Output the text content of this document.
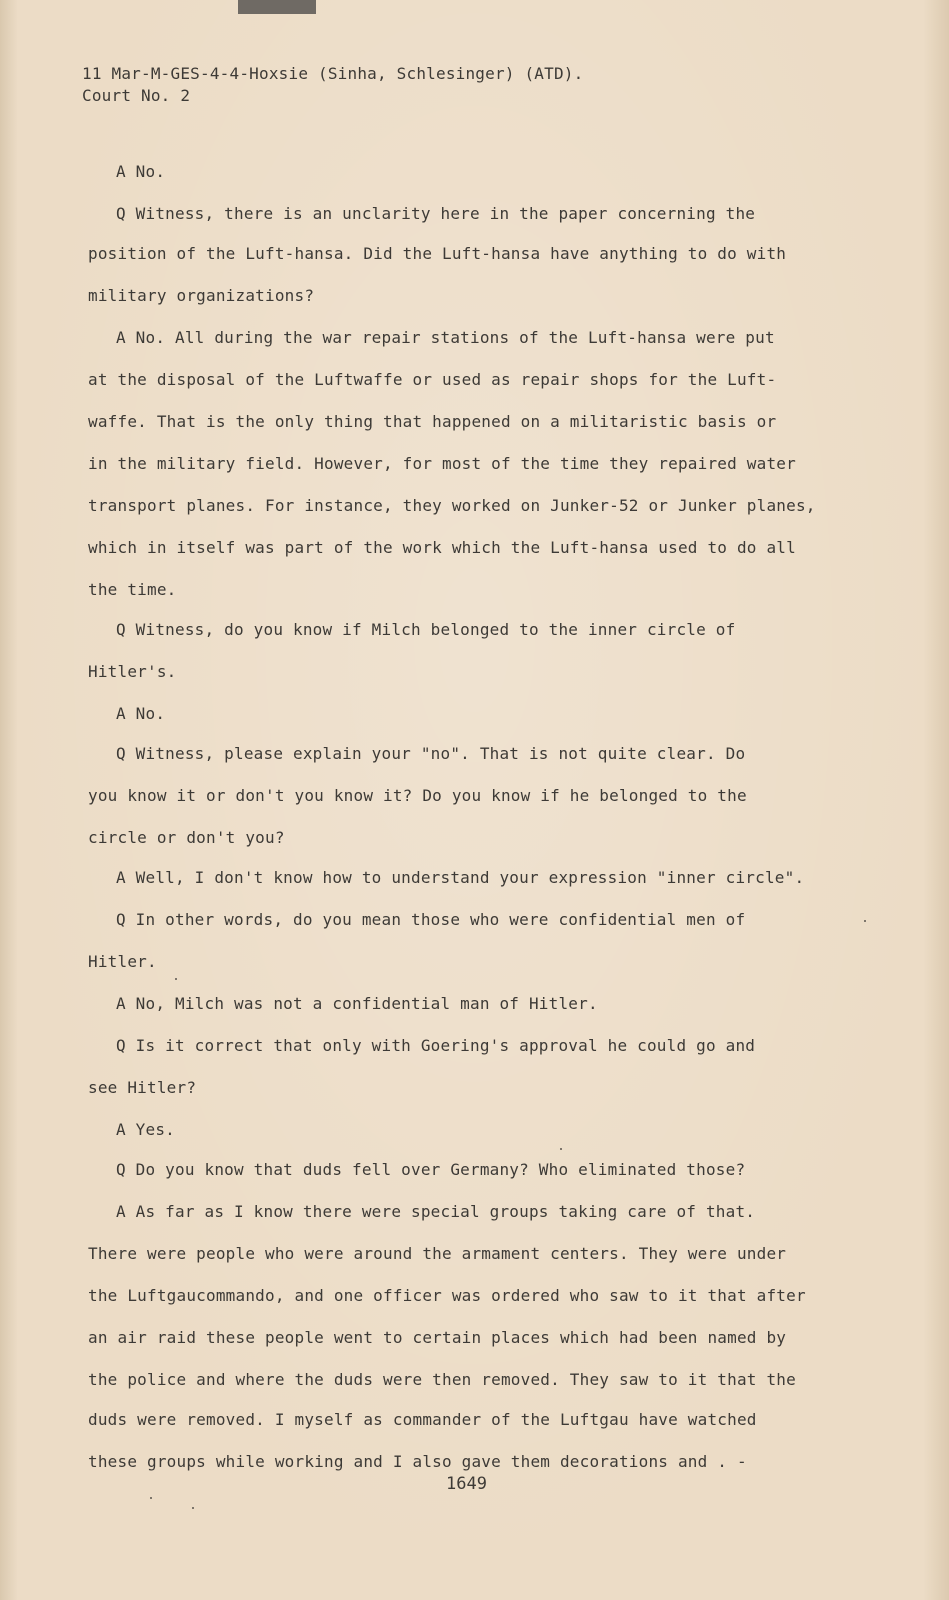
11 Mar-M-GES-4-4-Hoxsie (Sinha, Schlesinger) (ATD).
Court No. 2
A No.
Q Witness, there is an unclarity here in the paper concerning the
position of the Luft-hansa. Did the Luft-hansa have anything to do with
military organizations?
A No. All during the war repair stations of the Luft-hansa were put
at the disposal of the Luftwaffe or used as repair shops for the Luft-
waffe. That is the only thing that happened on a militaristic basis or
in the military field. However, for most of the time they repaired water
transport planes. For instance, they worked on Junker-52 or Junker planes,
which in itself was part of the work which the Luft-hansa used to do all
the time.
Q Witness, do you know if Milch belonged to the inner circle of
Hitler's.
A No.
Q Witness, please explain your "no". That is not quite clear. Do
you know it or don't you know it? Do you know if he belonged to the
circle or don't you?
A Well, I don't know how to understand your expression "inner circle".
Q In other words, do you mean those who were confidential men of
Hitler.
A No, Milch was not a confidential man of Hitler.
Q Is it correct that only with Goering's approval he could go and
see Hitler?
A Yes.
Q Do you know that duds fell over Germany? Who eliminated those?
A As far as I know there were special groups taking care of that.
There were people who were around the armament centers. They were under
the Luftgaucommando, and one officer was ordered who saw to it that after
an air raid these people went to certain places which had been named by
the police and where the duds were then removed. They saw to it that the
duds were removed. I myself as commander of the Luftgau have watched
these groups while working and I also gave them decorations and . -
1649
